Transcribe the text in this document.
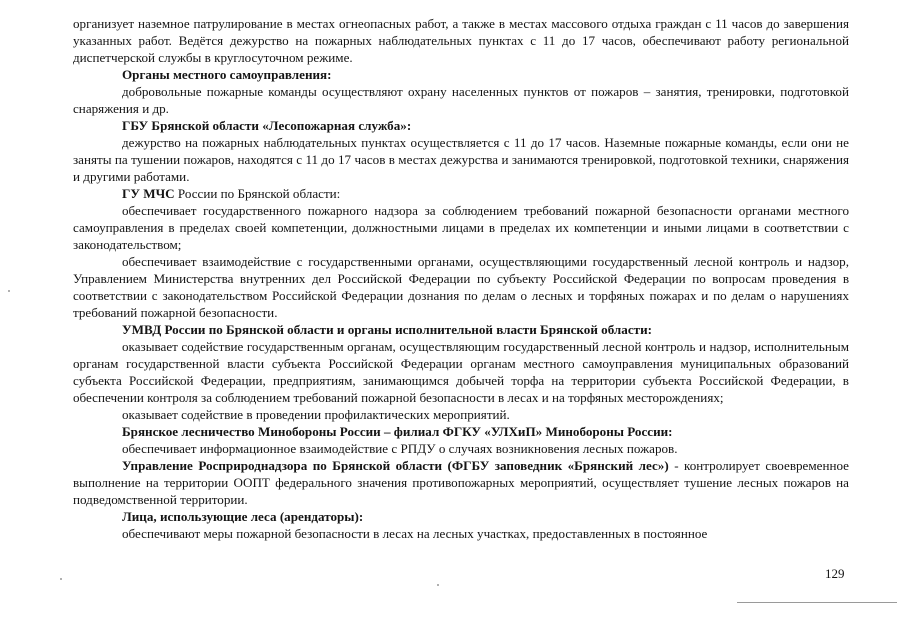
организует наземное патрулирование в местах огнеопасных работ, а также в местах массового отдыха граждан с 11 часов до завершения указанных работ. Ведётся дежурство на пожарных наблюдательных пунктах с 11 до 17 часов, обеспечивают работу региональной диспетчерской службы в круглосуточном режиме.

Органы местного самоуправления:

добровольные пожарные команды осуществляют охрану населенных пунктов от пожаров – занятия, тренировки, подготовкой снаряжения и др.

ГБУ Брянской области «Лесопожарная служба»:

дежурство на пожарных наблюдательных пунктах осуществляется с 11 до 17 часов. Наземные пожарные команды, если они не заняты па тушении пожаров, находятся с 11 до 17 часов в местах дежурства и занимаются тренировкой, подготовкой техники, снаряжения и другими работами.

ГУ МЧС России по Брянской области:

обеспечивает государственного пожарного надзора за соблюдением требований пожарной безопасности органами местного самоуправления в пределах своей компетенции, должностными лицами в пределах их компетенции и иными лицами в соответствии с законодательством;

обеспечивает взаимодействие с государственными органами, осуществляющими государственный лесной контроль и надзор, Управлением Министерства внутренних дел Российской Федерации по субъекту Российской Федерации по вопросам проведения в соответствии с законодательством Российской Федерации дознания по делам о лесных и торфяных пожарах и по делам о нарушениях требований пожарной безопасности.

УМВД России по Брянской области и органы исполнительной власти Брянской области:

оказывает содействие государственным органам, осуществляющим государственный лесной контроль и надзор, исполнительным органам государственной власти субъекта Российской Федерации органам местного самоуправления муниципальных образований субъекта Российской Федерации, предприятиям, занимающимся добычей торфа на территории субъекта Российской Федерации, в обеспечении контроля за соблюдением требований пожарной безопасности в лесах и на торфяных месторождениях;

оказывает содействие в проведении профилактических мероприятий.

Брянское лесничество Минобороны России – филиал ФГКУ «УЛХиП» Минобороны России:

обеспечивает информационное взаимодействие с РПДУ о случаях возникновения лесных пожаров.

Управление Росприроднадзора по Брянской области (ФГБУ заповедник «Брянский лес») - контролирует своевременное выполнение на территории ООПТ федерального значения противопожарных мероприятий, осуществляет тушение лесных пожаров на подведомственной территории.

Лица, использующие леса (арендаторы):

обеспечивают меры пожарной безопасности в лесах на лесных участках, предоставленных в постоянное

129
